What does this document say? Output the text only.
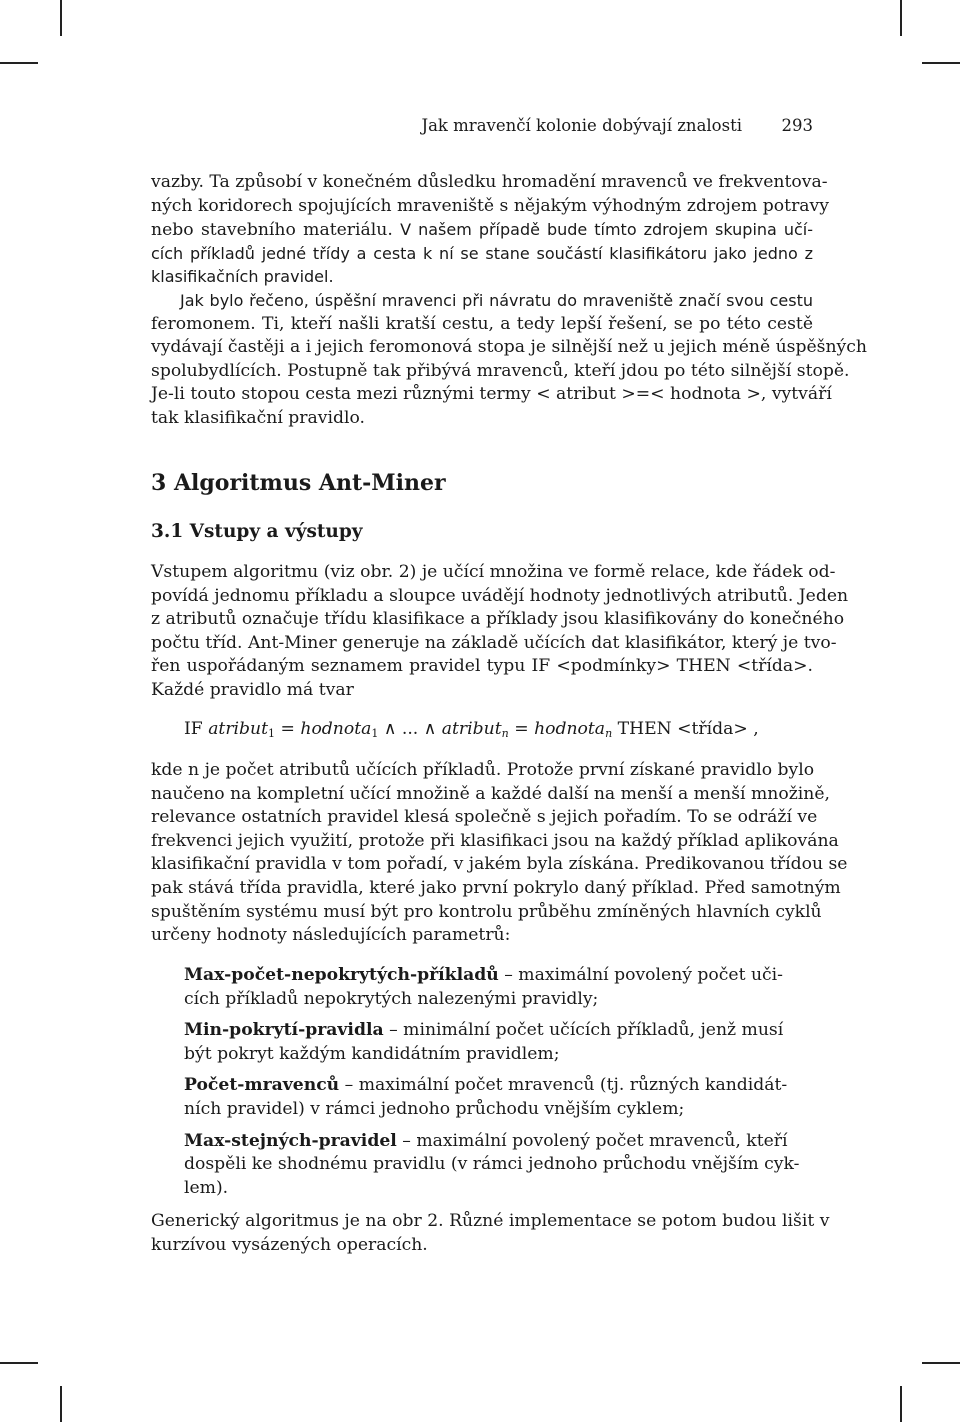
Jak mravenčí kolonie dobývají znalosti 293
vazby. Ta způsobí v konečném důsledku hromadění mravenců ve frekventova-
ných koridorech spojujících mraveniště s nějakým výhodným zdrojem potravy
nebo stavebního materiálu. V našem případě bude tímto zdrojem skupina učí-
cích příkladů jedné třídy a cesta k ní se stane součástí klasifikátoru jako jedno z
klasifikačních pravidel.
Jak bylo řečeno, úspěšní mravenci při návratu do mraveniště značí svou cestu
feromonem. Ti, kteří našli kratší cestu, a tedy lepší řešení, se po této cestě
vydávají častěji a i jejich feromonová stopa je silnější než u jejich méně úspěšných
spolubydlících. Postupně tak přibývá mravenců, kteří jdou po této silnější stopě.
Je-li touto stopou cesta mezi různými termy < atribut >=< hodnota >, vytváří
tak klasifikační pravidlo.
3 Algoritmus Ant-Miner
3.1 Vstupy a výstupy
Vstupem algoritmu (viz obr. 2) je učící množina ve formě relace, kde řádek od-
povídá jednomu příkladu a sloupce uvádějí hodnoty jednotlivých atributů. Jeden
z atributů označuje třídu klasifikace a příklady jsou klasifikovány do konečného
počtu tříd. Ant-Miner generuje na základě učících dat klasifikátor, který je tvo-
řen uspořádaným seznamem pravidel typu IF <podmínky> THEN <třída>.
Každé pravidlo má tvar
IF atribut$_1$ = hodnota$_1$ ∧ ... ∧ atribut$_n$ = hodnota$_n$ THEN <třída> ,
kde n je počet atributů učících příkladů. Protože první získané pravidlo bylo
naučeno na kompletní učící množině a každé další na menší a menší množině,
relevance ostatních pravidel klesá společně s jejich pořadím. To se odráží ve
frekvenci jejich využití, protože při klasifikaci jsou na každý příklad aplikována
klasifikační pravidla v tom pořadí, v jakém byla získána. Predikovanou třídou se
pak stává třída pravidla, které jako první pokrylo daný příklad. Před samotným
spuštěním systému musí být pro kontrolu průběhu zmíněných hlavních cyklů
určeny hodnoty následujících parametrů:
Max-počet-nepokrytých-příkladů – maximální povolený počet uči-
cích příkladů nepokrytých nalezenými pravidly;
Min-pokrytí-pravidla – minimální počet učících příkladů, jenž musí
být pokryt každým kandidátním pravidlem;
Počet-mravenců – maximální počet mravenců (tj. různých kandidát-
ních pravidel) v rámci jednoho průchodu vnějším cyklem;
Max-stejných-pravidel – maximální povolený počet mravenců, kteří
dospěli ke shodnému pravidlu (v rámci jednoho průchodu vnějším cyk-
lem).
Generický algoritmus je na obr 2. Různé implementace se potom budou lišit v
kurzívou vysázených operacích.
